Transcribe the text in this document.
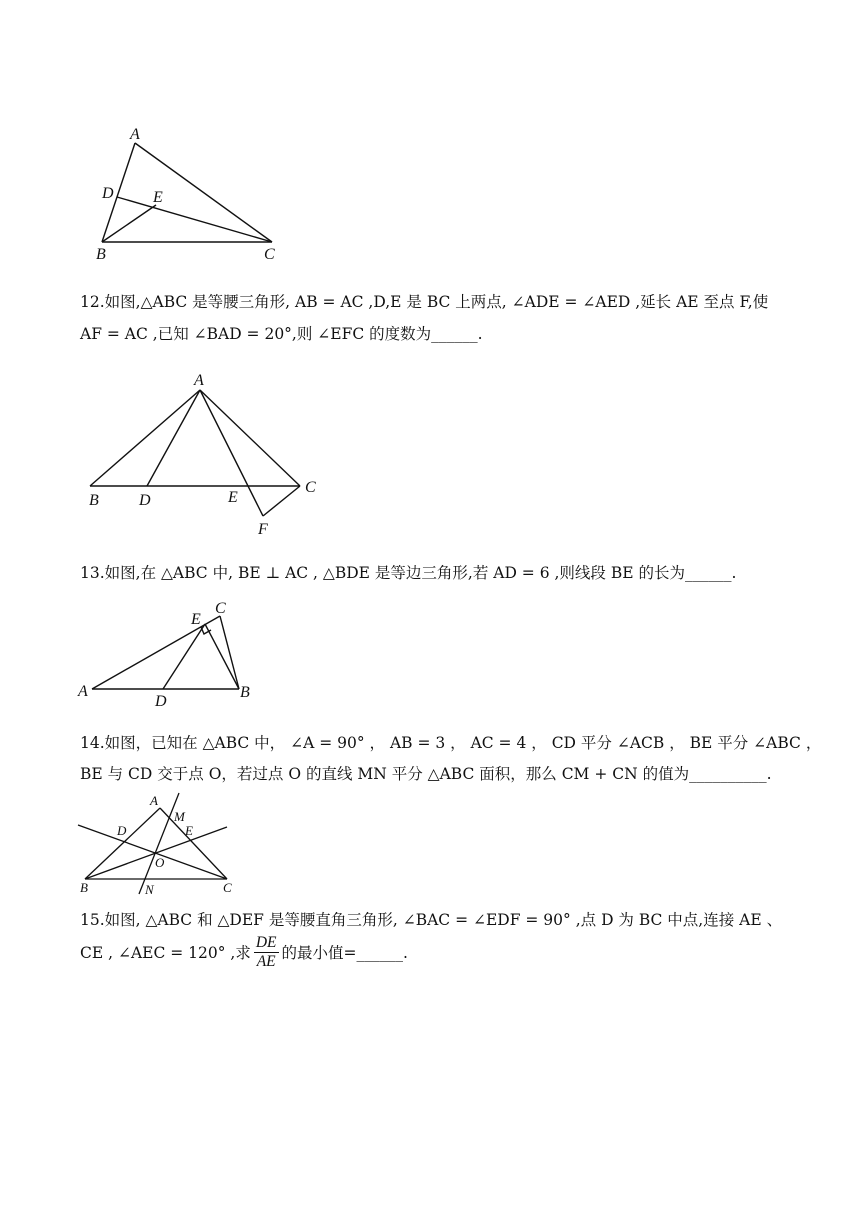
A
D E
B	C
12.如图,△ABC 是等腰三角形, AB = AC ,D,E 是 BC 上两点, ∠ADE = ∠AED ,延长 AE 至点 F,使
AF = AC ,已知 ∠BAD = 20°,则 ∠EFC 的度数为______.
A
B	D	E
C
F
13.如图,在 △ABC 中, BE ⊥ AC , △BDE 是等边三角形,若 AD = 6 ,则线段 BE 的长为______.
C
E
A
D
B
14.如图，已知在 △ABC 中， ∠A = 90° ， AB = 3 ， AC = 4 ， CD 平分 ∠ACB ， BE 平分 ∠ABC ，
BE 与 CD 交于点 O，若过点 O 的直线 MN 平分 △ABC 面积，那么 CM + CN 的值为__________.
A
D
M
E
O
B	N	C
15.如图, △ABC 和 △DEF 是等腰直角三角形, ∠BAC = ∠EDF = 90° ,点 D 为 BC 中点,连接 AE 、
CE , ∠AEC = 120° ,求 $\frac{DE}{AE}$ 的最小值=______.
